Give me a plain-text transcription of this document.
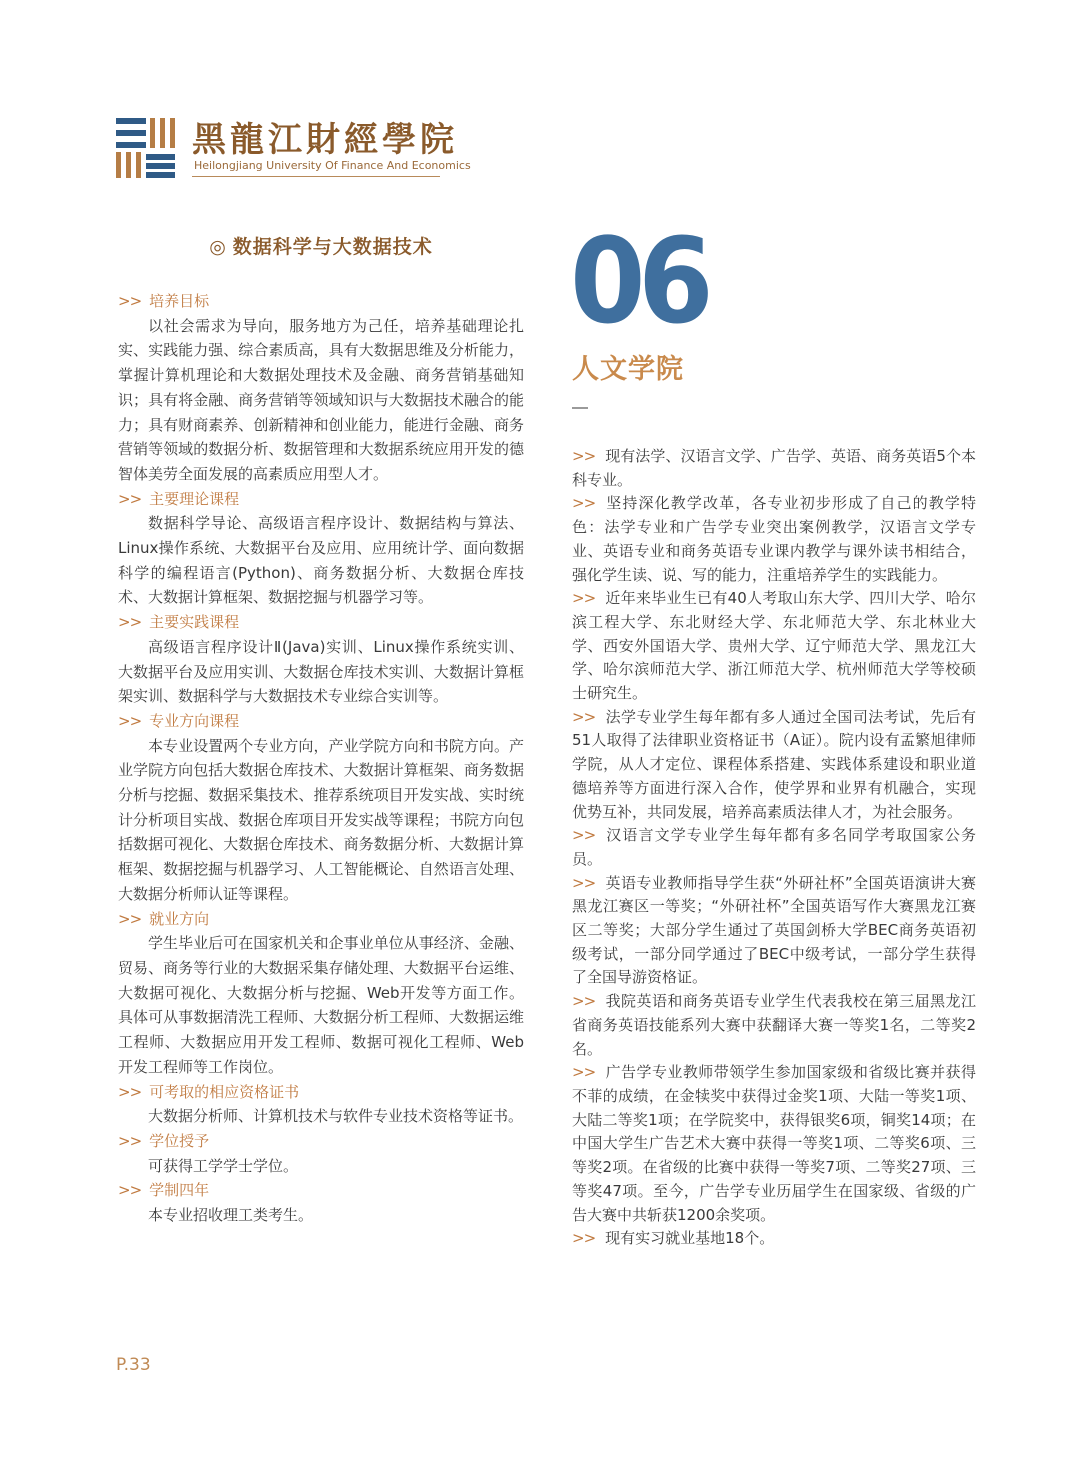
黑龍江財經學院
Heilongjiang University Of Finance And Economics
◎ 数据科学与大数据技术
>> 培养目标

以社会需求为导向，服务地方为己任，培养基础理论扎实、实践能力强、综合素质高，具有大数据思维及分析能力，掌握计算机理论和大数据处理技术及金融、商务营销基础知识；具有将金融、商务营销等领域知识与大数据技术融合的能力；具有财商素养、创新精神和创业能力，能进行金融、商务营销等领域的数据分析、数据管理和大数据系统应用开发的德智体美劳全面发展的高素质应用型人才。

>> 主要理论课程

数据科学导论、高级语言程序设计、数据结构与算法、Linux操作系统、大数据平台及应用、应用统计学、面向数据科学的编程语言(Python)、商务数据分析、大数据仓库技术、大数据计算框架、数据挖掘与机器学习等。

>> 主要实践课程

高级语言程序设计Ⅱ(Java)实训、Linux操作系统实训、大数据平台及应用实训、大数据仓库技术实训、大数据计算框架实训、数据科学与大数据技术专业综合实训等。

>> 专业方向课程

本专业设置两个专业方向，产业学院方向和书院方向。产业学院方向包括大数据仓库技术、大数据计算框架、商务数据分析与挖掘、数据采集技术、推荐系统项目开发实战、实时统计分析项目实战、数据仓库项目开发实战等课程；书院方向包括数据可视化、大数据仓库技术、商务数据分析、大数据计算框架、数据挖掘与机器学习、人工智能概论、自然语言处理、大数据分析师认证等课程。

>> 就业方向

学生毕业后可在国家机关和企事业单位从事经济、金融、贸易、商务等行业的大数据采集存储处理、大数据平台运维、大数据可视化、大数据分析与挖掘、Web开发等方面工作。具体可从事数据清洗工程师、大数据分析工程师、大数据运维工程师、大数据应用开发工程师、数据可视化工程师、Web开发工程师等工作岗位。

>> 可考取的相应资格证书

大数据分析师、计算机技术与软件专业技术资格等证书。

>> 学位授予

可获得工学学士学位。

>> 学制四年

本专业招收理工类考生。

06
人文学院

>> 现有法学、汉语言文学、广告学、英语、商务英语5个本科专业。

>> 坚持深化教学改革，各专业初步形成了自己的教学特色：法学专业和广告学专业突出案例教学，汉语言文学专业、英语专业和商务英语专业课内教学与课外读书相结合，强化学生读、说、写的能力，注重培养学生的实践能力。

>> 近年来毕业生已有40人考取山东大学、四川大学、哈尔滨工程大学、东北财经大学、东北师范大学、东北林业大学、西安外国语大学、贵州大学、辽宁师范大学、黑龙江大学、哈尔滨师范大学、浙江师范大学、杭州师范大学等校硕士研究生。

>> 法学专业学生每年都有多人通过全国司法考试，先后有51人取得了法律职业资格证书（A证）。院内设有孟繁旭律师学院，从人才定位、课程体系搭建、实践体系建设和职业道德培养等方面进行深入合作，使学界和业界有机融合，实现优势互补，共同发展，培养高素质法律人才，为社会服务。

>> 汉语言文学专业学生每年都有多名同学考取国家公务员。

>> 英语专业教师指导学生获“外研社杯”全国英语演讲大赛黑龙江赛区一等奖；“外研社杯”全国英语写作大赛黑龙江赛区二等奖；大部分学生通过了英国剑桥大学BEC商务英语初级考试，一部分同学通过了BEC中级考试，一部分学生获得了全国导游资格证。

>> 我院英语和商务英语专业学生代表我校在第三届黑龙江省商务英语技能系列大赛中获翻译大赛一等奖1名，二等奖2名。

>> 广告学专业教师带领学生参加国家级和省级比赛并获得不菲的成绩，在金犊奖中获得过金奖1项、大陆一等奖1项、大陆二等奖1项；在学院奖中，获得银奖6项，铜奖14项；在中国大学生广告艺术大赛中获得一等奖1项、二等奖6项、三等奖2项。在省级的比赛中获得一等奖7项、二等奖27项、三等奖47项。至今，广告学专业历届学生在国家级、省级的广告大赛中共斩获1200余奖项。

>> 现有实习就业基地18个。

P.33
